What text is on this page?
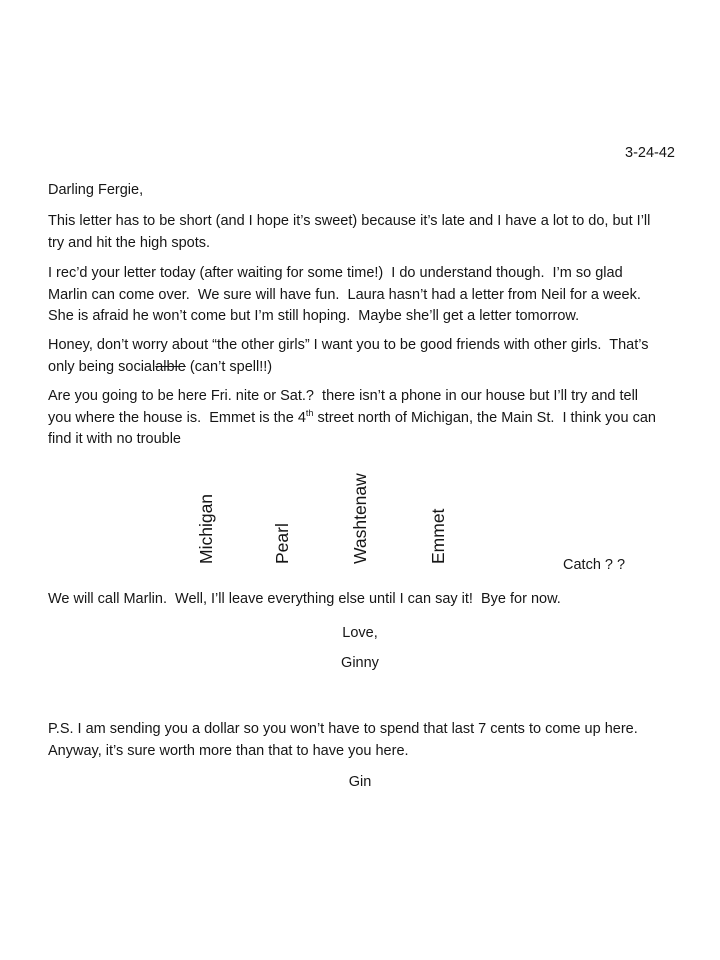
3-24-42
Darling Fergie,
This letter has to be short (and I hope it’s sweet) because it’s late and I have a lot to do, but I’ll try and hit the high spots.
I rec’d your letter today (after waiting for some time!)  I do understand though.  I’m so glad Marlin can come over.  We sure will have fun.  Laura hasn’t had a letter from Neil for a week.  She is afraid he won’t come but I’m still hoping.  Maybe she’ll get a letter tomorrow.
Honey, don’t worry about “the other girls” I want you to be good friends with other girls.  That’s only being socialalble (can’t spell!!)
Are you going to be here Fri. nite or Sat.?  there isn’t a phone in our house but I’ll try and tell you where the house is.  Emmet is the 4th street north of Michigan, the Main St.  I think you can find it with no trouble
Michigan	Pearl	Washtenaw	Emmet
Catch ? ?
We will call Marlin.  Well, I’ll leave everything else until I can say it!  Bye for now.
Love,
Ginny
P.S. I am sending you a dollar so you won’t have to spend that last 7 cents to come up here.  Anyway, it’s sure worth more than that to have you here.
Gin
